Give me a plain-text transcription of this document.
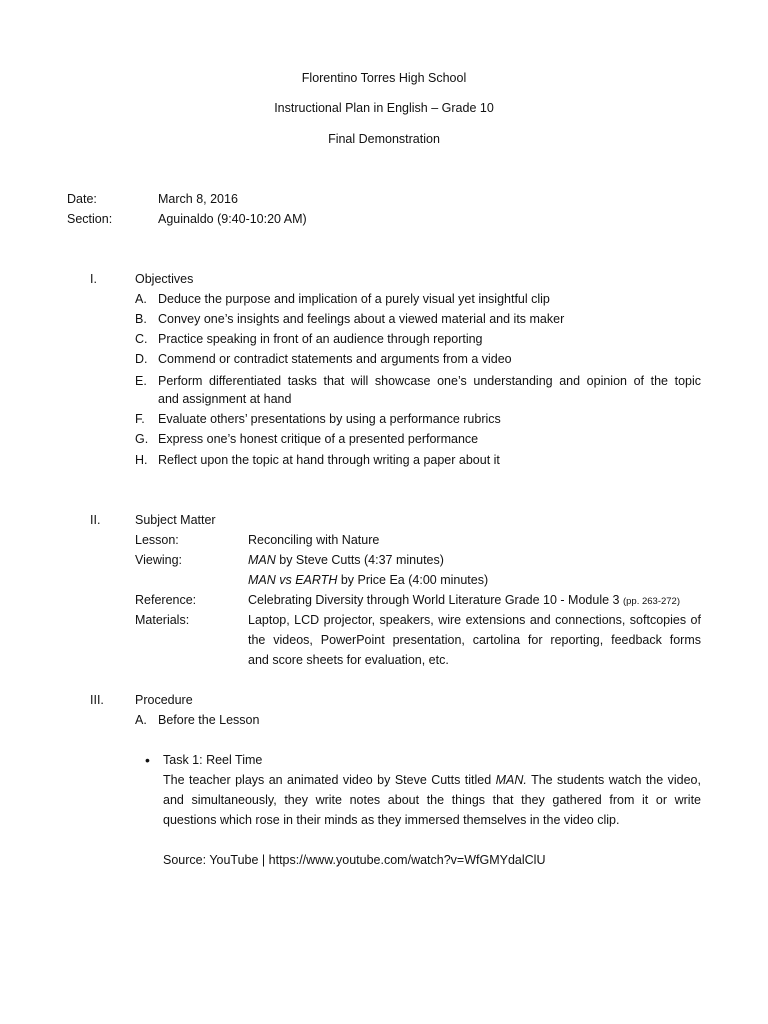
Florentino Torres High School
Instructional Plan in English – Grade 10
Final Demonstration
Date:	March 8, 2016
Section:	Aguinaldo (9:40-10:20 AM)
I.	Objectives
A. Deduce the purpose and implication of a purely visual yet insightful clip
B. Convey one’s insights and feelings about a viewed material and its maker
C. Practice speaking in front of an audience through reporting
D. Commend or contradict statements and arguments from a video
E. Perform differentiated tasks that will showcase one’s understanding and opinion of the topic
and assignment at hand
F. Evaluate others’ presentations by using a performance rubrics
G. Express one’s honest critique of a presented performance
H. Reflect upon the topic at hand through writing a paper about it
II.	Subject Matter
Lesson:	Reconciling with Nature
Viewing:	MAN by Steve Cutts (4:37 minutes)
MAN vs EARTH by Price Ea (4:00 minutes)
Reference:	Celebrating Diversity through World Literature Grade 10 - Module 3 (pp. 263-272)
Materials:	Laptop, LCD projector, speakers, wire extensions and connections, softcopies of
the videos, PowerPoint presentation, cartolina for reporting, feedback forms
and score sheets for evaluation, etc.
III. Procedure
A. Before the Lesson
• Task 1: Reel Time
The teacher plays an animated video by Steve Cutts titled MAN. The students watch the video,
and simultaneously, they write notes about the things that they gathered from it or write
questions which rose in their minds as they immersed themselves in the video clip.
Source: YouTube | https://www.youtube.com/watch?v=WfGMYdalClU
